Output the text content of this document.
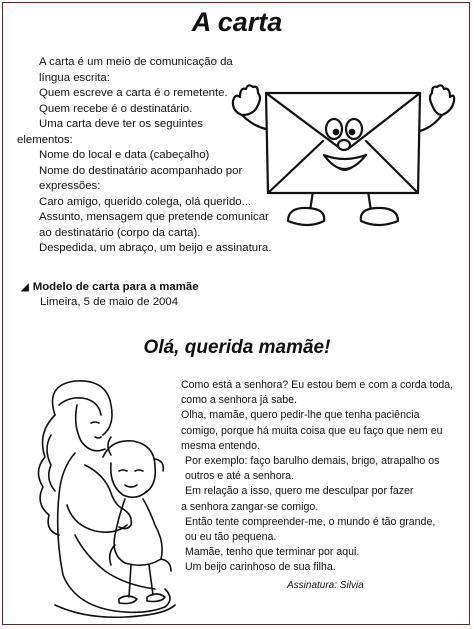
A carta
A carta é um meio de comunicação da
língua escrita:
Quem escreve a carta é o remetente.
Quem recebe é o destinatário.
Uma carta deve ter os seguintes
elementos:
Nome do local e data (cabeçalho)
Nome do destinatário acompanhado por
expressões:
Caro amigo, querido colega, olá querido...
Assunto, mensagem que pretende comunicar
ao destinatário (corpo da carta).
Despedida, um abraço, um beijo e assinatura.
◢ Modelo de carta para a mamãe
Limeira, 5 de maio de 2004
Olá, querida mamãe!
Como está a senhora? Eu estou bem e com a corda toda,
como a senhora já sabe.
Olha, mamãe, quero pedir-lhe que tenha paciência
comigo, porque há muita coisa que eu faço que nem eu
mesma entendo.
Por exemplo: faço barulho demais, brigo, atrapalho os
outros e até a senhora.
Em relação a isso, quero me desculpar por fazer
a senhora zangar-se comigo.
Então tente compreender-me, o mundo é tão grande,
ou eu tão pequena.
Mamãe, tenho que terminar por aqui.
Um beijo carinhoso de sua filha.
Assinatura: Silvia
